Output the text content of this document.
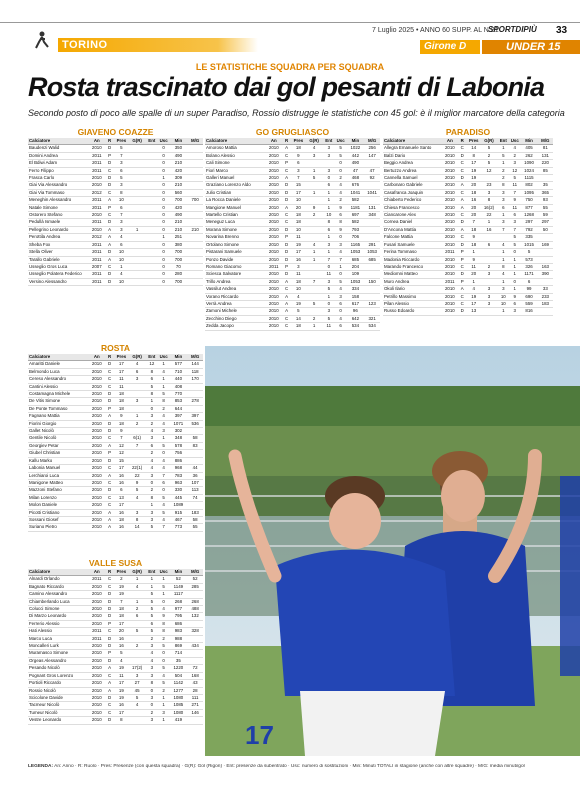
TORINO
7 Luglio 2025 • ANNO 60 SUPP. AL N.21
SPORTDIPIÙ 33
Girone D	UNDER 15
LE STATISTICHE SQUADRA PER SQUADRA
Rosta trascinato dai gol pesanti di Labonia
Secondo posto di poco alle spalle di un super Paradiso, Rossio distrugge le statistiche con 45 gol: è il miglior marcatore della categoria
GIAVENO COAZZE
Calciatore	An	R	Pres	G(R)	Ent	Usc	Min	M/G
Baudenzi Walid	2010	D	5			0	350	
Domini Andrea	2011	P	7			0	490	
El Bdiwi Adam	2011	D	3			0	210	
Ferro Filippo	2011	C	6			0	420	
Frasca Carlo	2010	D	5			1	309	
Giai Via Alessandro	2010	D	3			0	210	
Giai Via Tommaso	2012	C	8			0	560	
Meneghin Alessandro	2011	A	10			0	700	700
Natale Simone	2011	P	6			0	420	
Ostorero Stefano	2010	C	7			0	490	
Pedullà Ismaele	2011	D	3			0	210	
Pellegrino Leonardo	2010	A	3	1		0	210	210
Perottila Andrea	2012	A	4			1	251	
Sheba Fox	2011	A	6			0	380	
Stella Oliver	2011	D	10			0	700	
Tarallo Gabriele	2011	A	10			0	700	
Usseglio Gros Luca	2007	C	1			0	70	
Usseglio Polatera Federico	2011	D	4			0	280	
Versino Alessandro	2011	D	10			0	700	
GO GRUGLIASCO
Calciatore	An	R	Pres	G(R)	Ent	Usc	Min	M/G
Amoroso Mattia	2010	A	18	4	3	5	1022	256
Bolano Alessio	2010	C	9	3	3	5	442	147
Cali Simone	2010	P	6			0	490	
Fiori Marco	2010	C	3	1	3	0	47	47
Galleri Manuel	2010	A	7	5	0	2	468	92
Graziano Lorenzo Aldo	2010	D	15		6	4	676	
Julio Cristian	2010	D	17	1	1	4	1041	1041
La Rocca Daniele	2010	D	10		1	2	582	
Mangione Manuel	2010	A	20	9	1	9	1181	131
Martello Cristian	2010	C	18	2	10	6	697	348
Meneguz Luca	2010	C	18		8	8	582	
Morana Simone	2010	D	10		6	9	793	
Novarina Brenno	2010	P	11		1	0	706	
Ortolano Simone	2010	D	19	4	3	3	1165	291
Pistarani Samuele	2010	D	17	1	1	4	1053	1053
Ponzo Davide	2010	D	16	1	7	7	685	685
Romano Giacomo	2011	P	3		0	1	204	
Sciesca Salvatore	2010	D	11		11	0	109	
Trillo Andrea	2010	A	18	7	3	5	1053	150
Vassilut Andrea	2010	C	10		5	4	334	
Vorano Riccardo	2010	A	4		1	3	158	
Verrà Andrea	2010	A	19	5	0	6	617	123
Zamoni Michele	2010	A	5		3	0	96	
Zecchino Diego	2010	C	14	2	5	4	642	321
Zedda Jacopo	2010	C	18	1	11	6	534	534
PARADISO
Calciatore	An	R	Pres	G(R)	Ent	Usc	Min	M/G
Allegra Emanuele Santo	2010	C	14	5	1	4	405	81
Balzi Dario	2010	D	8	2	5	2	262	131
Beggio Andrea	2010	C	17	5	1	3	1090	220
Bertuzzo Andrea	2010	C	19	12	2	12	1024	85
Cannella Samuel	2010	D	19		2	5	1115	
Carbonaro Gabriele	2010	A	20	23	8	11	802	35
Casafranca Joaquin	2010	C	18	3	3	7	1095	365
Chiaberto Federico	2010	A	16	8	3	9	750	93
Chiesa Francesco	2010	A	20	16(2)	6	11	877	55
Ciancarone Alex	2010	C	20	22	1	6	1268	59
Cornea Daniel	2010	D	7	1	3	3	297	297
D'Ancona Mattia	2010	A	18	16	7	7	792	50
Falcone Mattia	2010	C	9			5	335	
Fusari Samuele	2010	D	18	6	4	5	1015	169
Ferina Tommaso	2011	P	1		1	0	5	
Madonia Riccardo	2010	P	9		1	1	573	
Marando Francesco	2010	C	11	2	8	1	326	163
Mediomni Matteo	2010	D	20	3	4	1	1171	390
Muro Andrea	2011	P	1		1	0	6	
Okoli Ilario	2010	A	4	3	3	1	99	33
Petrillo Massimo	2010	C	19	3	10	9	690	233
Pilan Alessio	2010	C	17	3	10	6	559	183
Russo Edoardo	2010	D	13		1	3	816	
ROSTA
Calciatore	An	R	Pres	G(R)	Ent	Usc	Min	M/G
Amaritti Daniele	2010	D	17	4	12	1	577	144
Belmondo Luca	2010	C	17	6	8	4	710	118
Cereso Alessandro	2010	C	11	3	6	1	440	170
Cantini Alessio	2010	C	11		5	1	408	
Costamagna Michele	2010	D	18		8	5	770	
De Vitis Simone	2010	D	18	3	1	8	853	278
De Ponte Tommaso	2010	P	18		0	2	644	
Fagnano Mattia	2010	A	9	1	3	4	397	397
Fiorini Giorgio	2010	D	18	2	2	4	1071	536
Gallet Nicolò	2010	D	9		4	3	302	
Gentile Nicolò	2010	C	7	6(1)	3	1	348	58
Georgiev Petar	2010	A	12	7	6	5	578	83
Giubel Christian	2010	P	12		2	0	756	
Kallu Marko	2010	D	15		4	4	886	
Labonia Manuel	2010	C	17	22(1)	4	4	968	44
Lerchiaroi Luca	2010	A	16	22	3	7	783	36
Manigone Matteo	2010	C	16	9	0	6	963	107
Mazzoni Stefano	2010	D	6	5	2	0	330	113
Milan Lorenzo	2010	C	13	4	8	5	445	74
Molon Daniele	2010	C	17		1	4	1089	
Picotti Cristiano	2010	A	16	3	3	5	915	183
Sossani Giosef	2010	A	18	8	3	4	467	58
Suriano Pietro	2010	A	16	14	5	7	773	55
VALLE SUSA
Calciatore	An	R	Pres	G(R)	Ent	Usc	Min	M/G
Alnardi Orlando	2011	C	2	1	1	1	52	52
Bagnato Riccardo	2010	C	19	4	1	5	1149	285
Camino Alessandro	2010	D	19		5	1	1117	
Chiamberlando Luca	2010	D	7	1	5	0	268	268
Colucci Simone	2010	D	18	2	5	4	977	488
Di Marzo Leonardo	2010	D	18	6	5	9	795	132
Ferrerio Alessio	2010	P	17		6	8	686	
Hati Alessio	2011	C	20	5	5	8	983	328
Marco Luca	2011	D	16		2	2	988	
Moncalleri Lurk	2010	D	16	2	3	5	869	434
Muramasco Simone	2010	P	5		4	0	714	
Orgeas Alessandro	2010	D	4		4	0	35	
Pesando Nicolò	2010	A	19	17(2)	3	5	1220	72
Pognant Gros Lorenzo	2010	C	11	3	3	4	504	168
Portioli Riccardo	2010	A	17	27	8	5	1142	43
Rossio Nicolò	2010	A	19	45	0	2	1277	28
Scicolone Davide	2010	D	19	5	3	1	1080	111
Tacmeur Nicolò	2010	C	16	4	0	1	1085	271
Tumeur Nicolò	2010	C	17		2	3	1080	146
Vestre Leonardo	2010	D	8		3	1	419	
17
LEGENDA: An: Anno · R: Ruolo · Pres: Presenze (con questa squadra) · G(R): Gol (Rigori) · Ent: presenze da subentrato · Usc: numero di sostituzioni · Min: Minuti TOTALI in stagione (anche con altre squadre) · M/G: media minuti/gol
